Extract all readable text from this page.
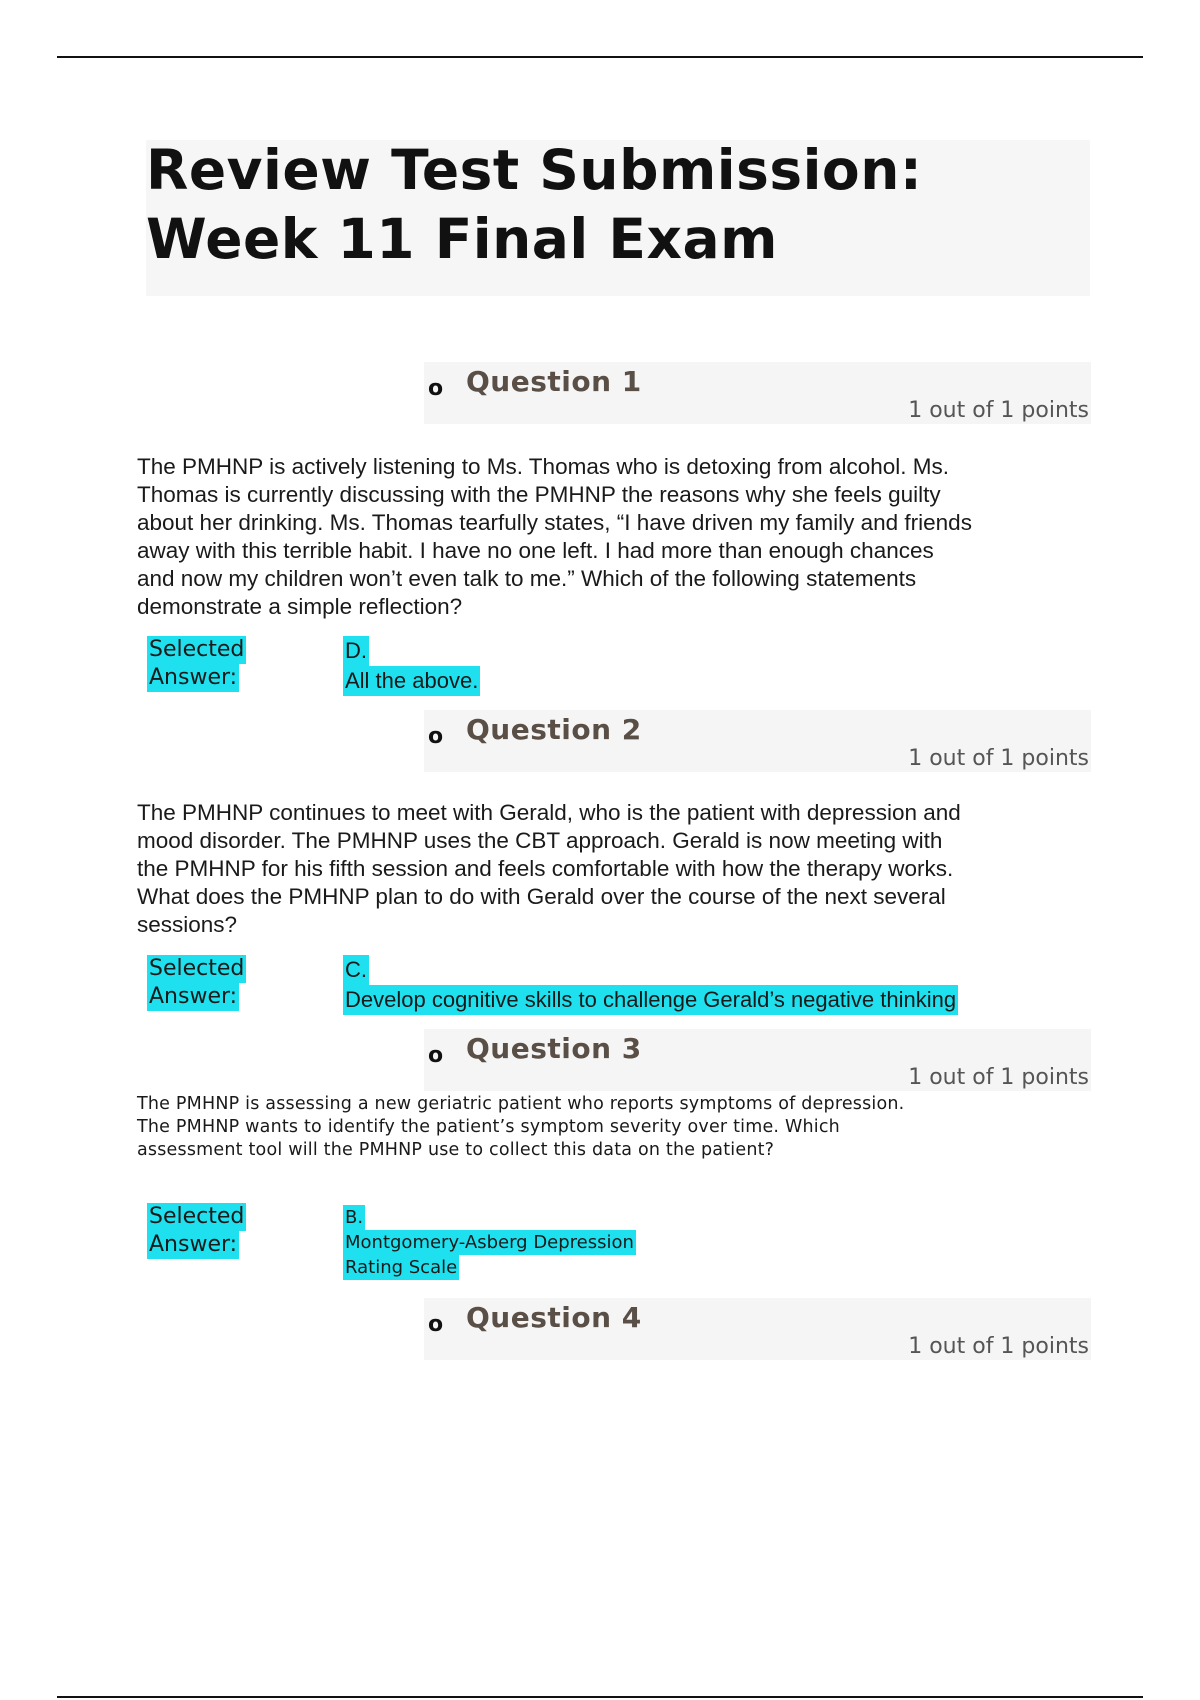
Review Test Submission:
Week 11 Final Exam
o Question 1
1 out of 1 points
The PMHNP is actively listening to Ms. Thomas who is detoxing from alcohol. Ms.
Thomas is currently discussing with the PMHNP the reasons why she feels guilty
about her drinking. Ms. Thomas tearfully states, “I have driven my family and friends
away with this terrible habit. I have no one left. I had more than enough chances
and now my children won’t even talk to me.” Which of the following statements
demonstrate a simple reflection?
Selected
Answer:
D.
All the above.
o Question 2
1 out of 1 points
The PMHNP continues to meet with Gerald, who is the patient with depression and
mood disorder. The PMHNP uses the CBT approach. Gerald is now meeting with
the PMHNP for his fifth session and feels comfortable with how the therapy works.
What does the PMHNP plan to do with Gerald over the course of the next several
sessions?
Selected
Answer:
C.
Develop cognitive skills to challenge Gerald’s negative thinking
o Question 3
1 out of 1 points
The PMHNP is assessing a new geriatric patient who reports symptoms of depression.
The PMHNP wants to identify the patient’s symptom severity over time. Which
assessment tool will the PMHNP use to collect this data on the patient?
Selected
Answer:
B.
Montgomery-Asberg Depression
Rating Scale
o Question 4
1 out of 1 points
